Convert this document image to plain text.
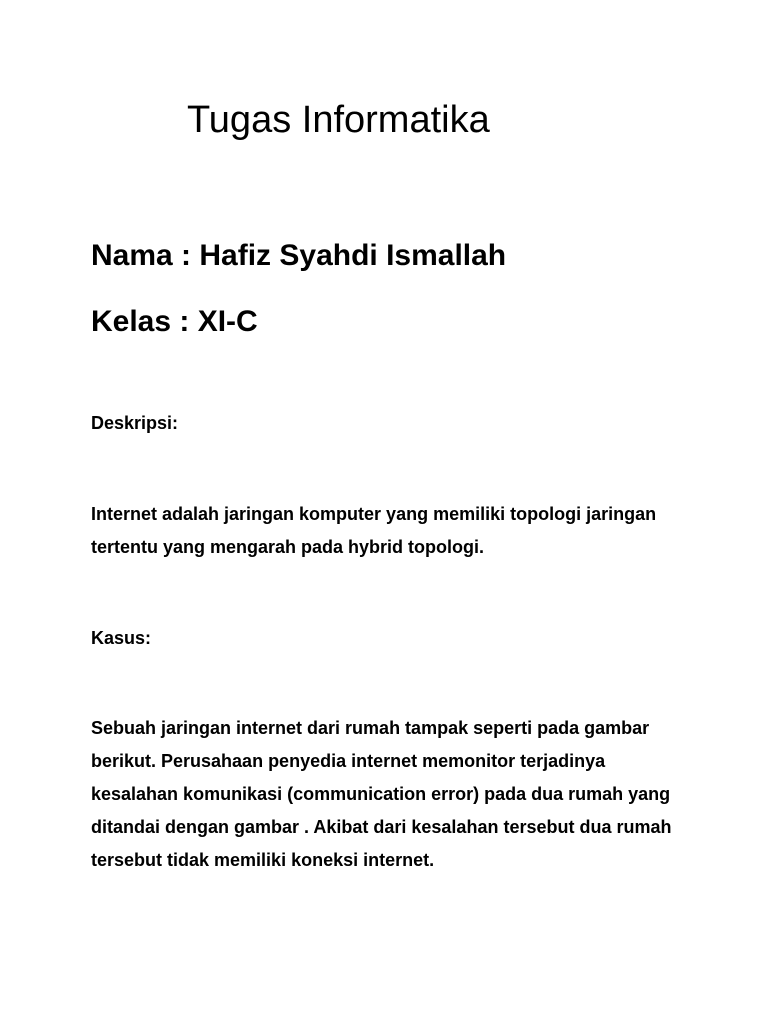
Tugas Informatika

Nama : Hafiz Syahdi Ismallah

Kelas : XI-C

Deskripsi:

Internet adalah jaringan komputer yang memiliki topologi jaringan tertentu yang mengarah pada hybrid topologi.

Kasus:

Sebuah jaringan internet dari rumah tampak seperti pada gambar berikut. Perusahaan penyedia internet memonitor terjadinya kesalahan komunikasi (communication error) pada dua rumah yang ditandai dengan gambar . Akibat dari kesalahan tersebut dua rumah tersebut tidak memiliki koneksi internet.
